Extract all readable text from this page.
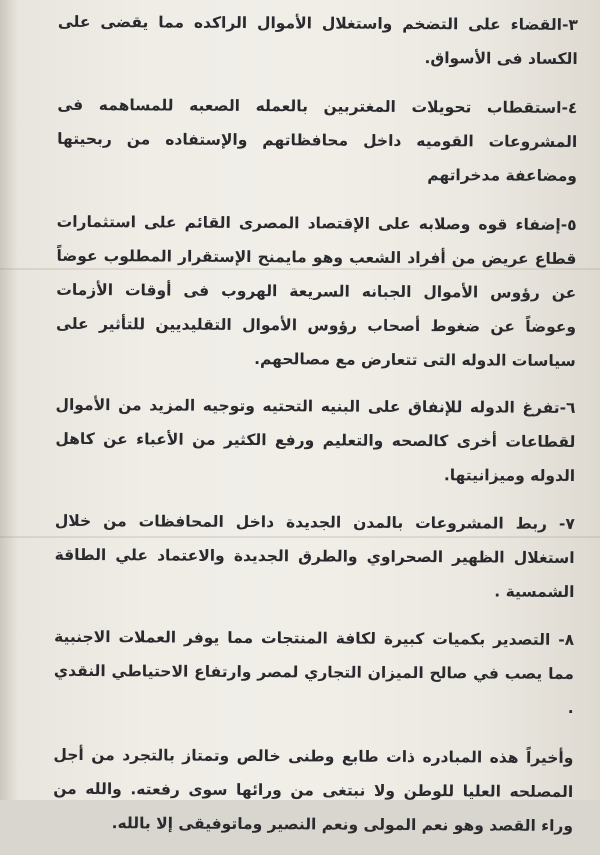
٣-القضاء على التضخم واستغلال الأموال الراكده مما يقضى على الكساد فى الأسواق.

٤-استقطاب تحويلات المغتربين بالعمله الصعبه للمساهمه فى المشروعات القوميه داخل محافظاتهم والإستفاده من ربحيتها ومضاعفة مدخراتهم

٥-إضفاء قوه وصلابه على الإقتصاد المصرى القائم على استثمارات قطاع عريض من أفراد الشعب وهو مايمنح الإستقرار المطلوب عوضاً عن رؤوس الأموال الجبانه السريعة الهروب فى أوقات الأزمات وعوضاً عن ضغوط أصحاب رؤوس الأموال التقليديين للتأثير على سياسات الدوله التى تتعارض مع مصالحهم.

٦-تفرغ الدوله للإنفاق على البنيه التحتيه وتوجيه المزيد من الأموال لقطاعات أخرى كالصحه والتعليم ورفع الكثير من الأعباء عن كاهل الدوله وميزانيتها.

٧- ربط المشروعات بالمدن الجديدة داخل المحافظات من خلال استغلال الظهير الصحراوي والطرق الجديدة والاعتماد علي الطاقة الشمسية .

٨- التصدير بكميات كبيرة لكافة المنتجات مما يوفر العملات الاجنبية مما يصب في صالح الميزان التجاري لمصر وارتفاع الاحتياطي النقدي .

وأخيراً هذه المبادره ذات طابع وطنى خالص وتمتاز بالتجرد من أجل المصلحه العليا للوطن ولا نبتغى من ورائها سوى رفعته. والله من وراء القصد وهو نعم المولى ونعم النصير وماتوفيقى إلا بالله.
